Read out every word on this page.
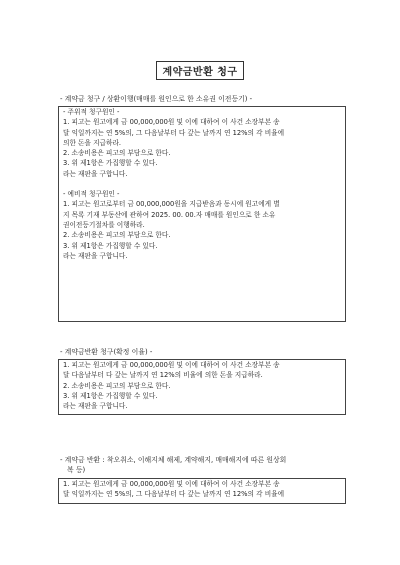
계약금반환 청구
- 계약금 청구 / 상환이행(매매를 원인으로 한 소유권 이전등기) -
- 주위적 청구원인 -
1. 피고는 원고에게 금 00,000,000원 및 이에 대하여 이 사건 소장부본 송
달 익일까지는 연 5%의, 그 다음날부터 다 갚는 날까지 연 12%의 각 비율에
의한 돈을 지급하라.
2. 소송비용은 피고의 부담으로 한다.
3. 위 제1항은 가집행할 수 있다.
라는 재판을 구합니다.
- 예비적 청구원인 -
1. 피고는 원고로부터 금 00,000,000원을 지급받음과 동시에 원고에게 별
지 목록 기재 부동산에 관하여 2025. 00. 00.자 매매를 원인으로 한 소유
권이전등기절차를 이행하라.
2. 소송비용은 피고의 부담으로 한다.
3. 위 제1항은 가집행할 수 있다.
라는 재판을 구합니다.
- 계약금반환 청구(확정 이율) -
1. 피고는 원고에게 금 00,000,000원 및 이에 대하여 이 사건 소장부본 송
달 다음날부터 다 갚는 날까지 연 12%의 비율에 의한 돈을 지급하라.
2. 소송비용은 피고의 부담으로 한다.
3. 위 제1항은 가집행할 수 있다.
라는 재판을 구합니다.
- 계약금 반환 : 착오취소, 이해지체 해제, 계약해지, 매매해지에 따른 원상회
복 등)
1. 피고는 원고에게 금 00,000,000원 및 이에 대하여 이 사건 소장부본 송
달 익일까지는 연 5%의, 그 다음날부터 다 갚는 날까지 연 12%의 각 비율에
